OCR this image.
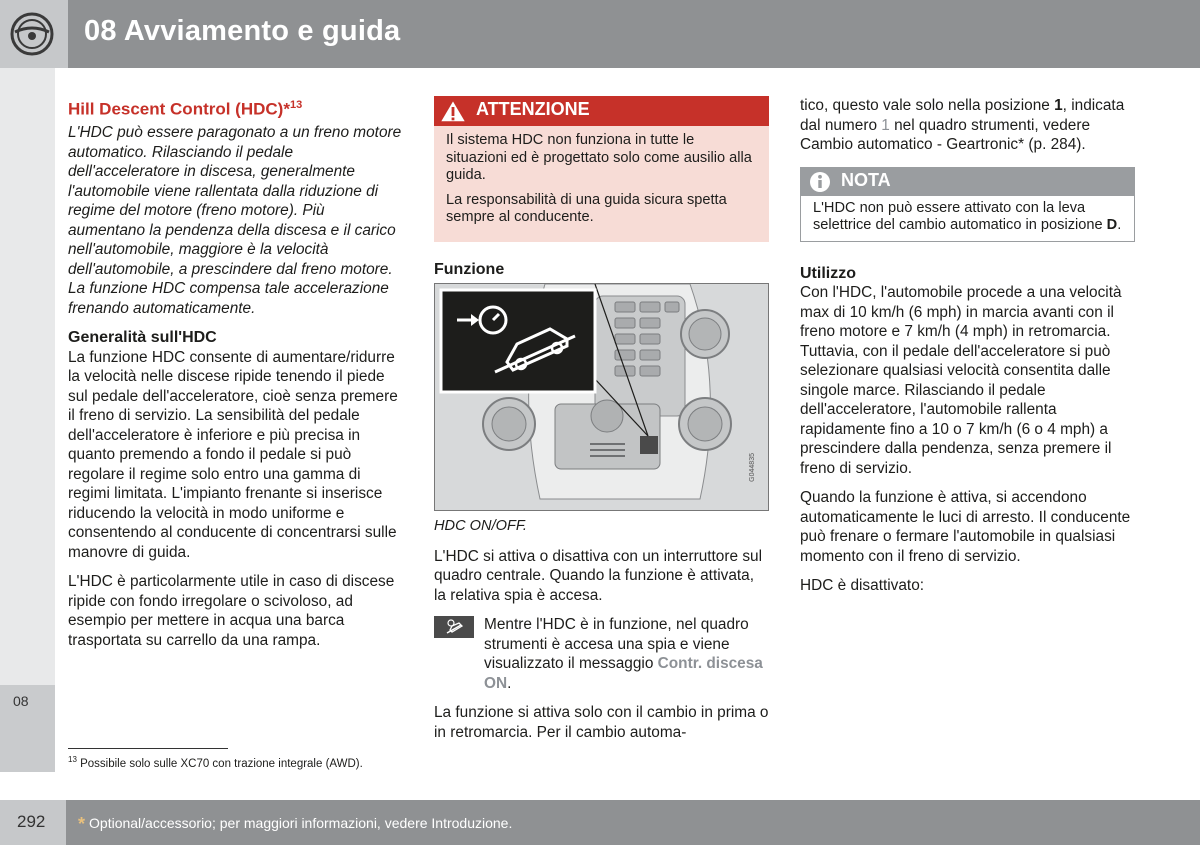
08 Avviamento e guida
08
Hill Descent Control (HDC)*$^{13}$

L'HDC può essere paragonato a un freno motore automatico. Rilasciando il pedale dell'acceleratore in discesa, generalmente l'automobile viene rallentata dalla riduzione di regime del motore (freno motore). Più aumentano la pendenza della discesa e il carico nell'automobile, maggiore è la velocità dell'automobile, a prescindere dal freno motore. La funzione HDC compensa tale accelerazione frenando automaticamente.

Generalità sull'HDC

La funzione HDC consente di aumentare/ridurre la velocità nelle discese ripide tenendo il piede sul pedale dell'acceleratore, cioè senza premere il freno di servizio. La sensibilità del pedale dell'acceleratore è inferiore e più precisa in quanto premendo a fondo il pedale si può regolare il regime solo entro una gamma di regimi limitata. L'impianto frenante si inserisce riducendo la velocità in modo uniforme e consentendo al conducente di concentrarsi sulle manovre di guida.

L'HDC è particolarmente utile in caso di discese ripide con fondo irregolare o scivoloso, ad esempio per mettere in acqua una barca trasportata su carrello da una rampa.

ATTENZIONE

Il sistema HDC non funziona in tutte le situazioni ed è progettato solo come ausilio alla guida.

La responsabilità di una guida sicura spetta sempre al conducente.

Funzione
G044835

HDC ON/OFF.

L'HDC si attiva o disattiva con un interruttore sul quadro centrale. Quando la funzione è attivata, la relativa spia è accesa.

Mentre l'HDC è in funzione, nel quadro strumenti è accesa una spia e viene visualizzato il messaggio Contr. discesa ON.

La funzione si attiva solo con il cambio in prima o in retromarcia. Per il cambio automa-

tico, questo vale solo nella posizione 1, indicata dal numero 1 nel quadro strumenti, vedere Cambio automatico - Geartronic* (p. 284).

NOTA
L'HDC non può essere attivato con la leva selettrice del cambio automatico in posizione D.
Utilizzo

Con l'HDC, l'automobile procede a una velocità max di 10 km/h (6 mph) in marcia avanti con il freno motore e 7 km/h (4 mph) in retromarcia. Tuttavia, con il pedale dell'acceleratore si può selezionare qualsiasi velocità consentita dalle singole marce. Rilasciando il pedale dell'acceleratore, l'automobile rallenta rapidamente fino a 10 o 7 km/h (6 o 4 mph) a prescindere dalla pendenza, senza premere il freno di servizio.

Quando la funzione è attiva, si accendono automaticamente le luci di arresto. Il conducente può frenare o fermare l'automobile in qualsiasi momento con il freno di servizio.

HDC è disattivato:

$^{13}$ Possibile solo sulle XC70 con trazione integrale (AWD).
292 * Optional/accessorio; per maggiori informazioni, vedere Introduzione.
